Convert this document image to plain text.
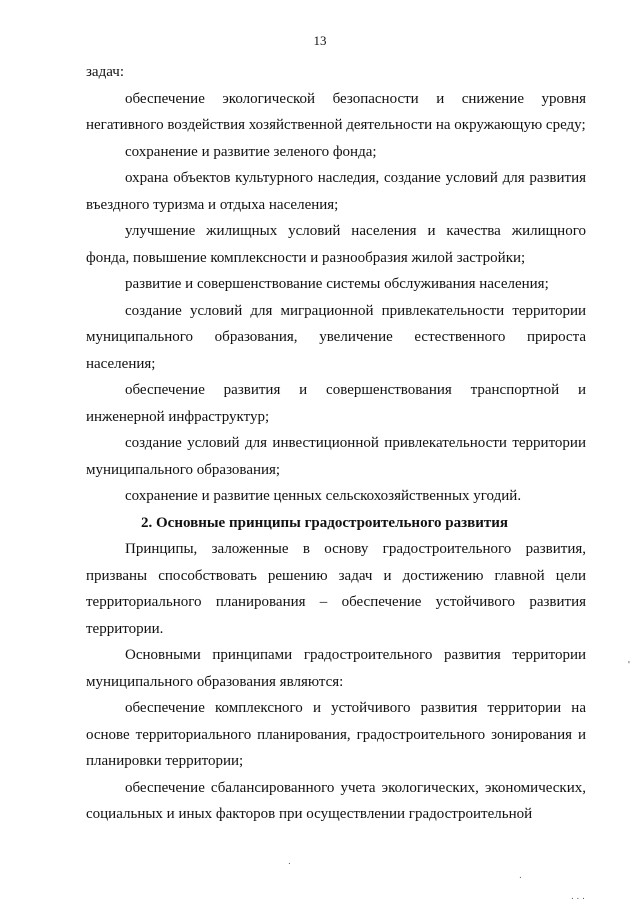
13

задач:

обеспечение экологической безопасности и снижение уровня негативного воздействия хозяйственной деятельности на окружающую среду;

сохранение и развитие зеленого фонда;

охрана объектов культурного наследия, создание условий для развития въездного туризма и отдыха населения;

улучшение жилищных условий населения и качества жилищного фонда, повышение комплексности и разнообразия жилой застройки;

развитие и совершенствование системы обслуживания населения;

создание условий для миграционной привлекательности территории муниципального образования, увеличение естественного прироста населения;

обеспечение развития и совершенствования транспортной и инженерной инфраструктур;

создание условий для инвестиционной привлекательности территории муниципального образования;

сохранение и развитие ценных сельскохозяйственных угодий.

2. Основные принципы градостроительного развития

Принципы, заложенные в основу градостроительного развития, призваны способствовать решению задач и достижению главной цели территориального планирования – обеспечение устойчивого развития территории.

Основными принципами градостроительного развития территории муниципального образования являются:

обеспечение комплексного и устойчивого развития территории на основе территориального планирования, градостроительного зонирования и планировки территории;

обеспечение сбалансированного учета экологических, экономических, социальных и иных факторов при осуществлении градостроительной

.
.
. . .
'
